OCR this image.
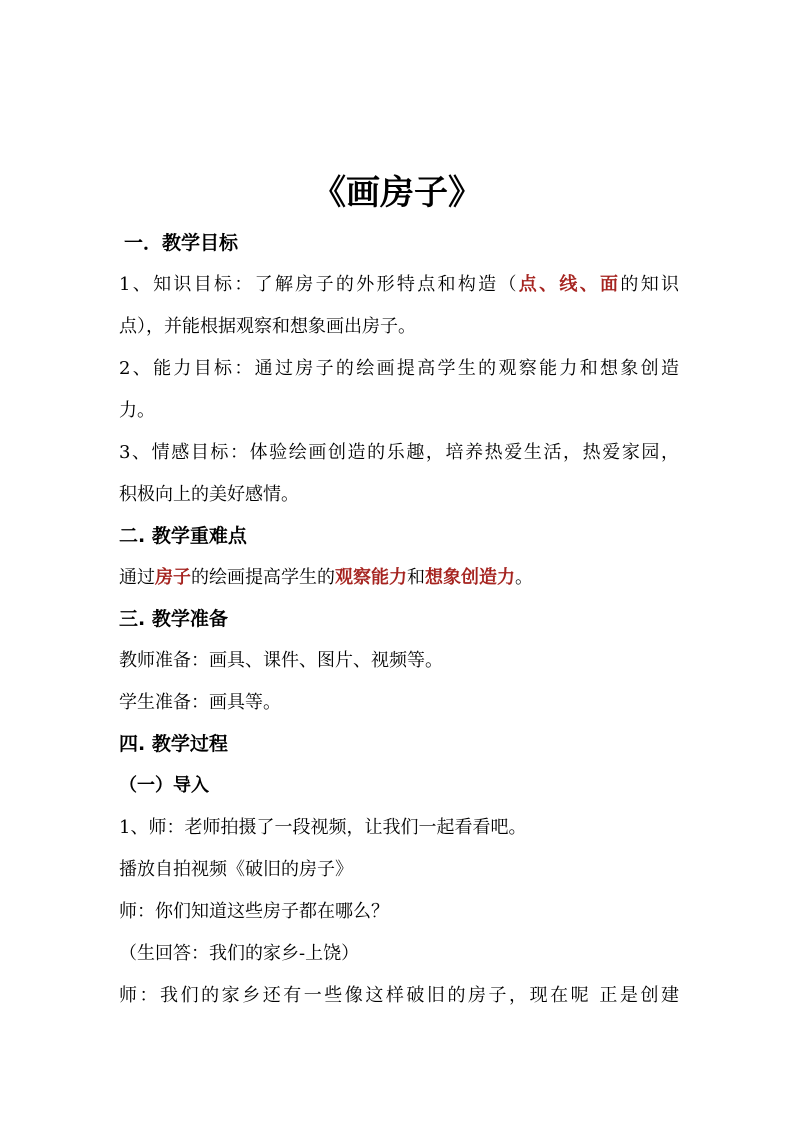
《画房子》
一．教学目标
1、知识目标：了解房子的外形特点和构造（点、线、面的知识
点），并能根据观察和想象画出房子。
2、能力目标：通过房子的绘画提高学生的观察能力和想象创造
力。
3、情感目标：体验绘画创造的乐趣，培养热爱生活，热爱家园，
积极向上的美好感情。
二. 教学重难点
通过房子的绘画提高学生的观察能力和想象创造力。
三. 教学准备
教师准备：画具、课件、图片、视频等。
学生准备：画具等。
四. 教学过程
（一）导入
1、师：老师拍摄了一段视频，让我们一起看看吧。
播放自拍视频《破旧的房子》
师：你们知道这些房子都在哪么？
（生回答：我们的家乡-上饶）
师：我们的家乡还有一些像这样破旧的房子，现在呢 正是创建
